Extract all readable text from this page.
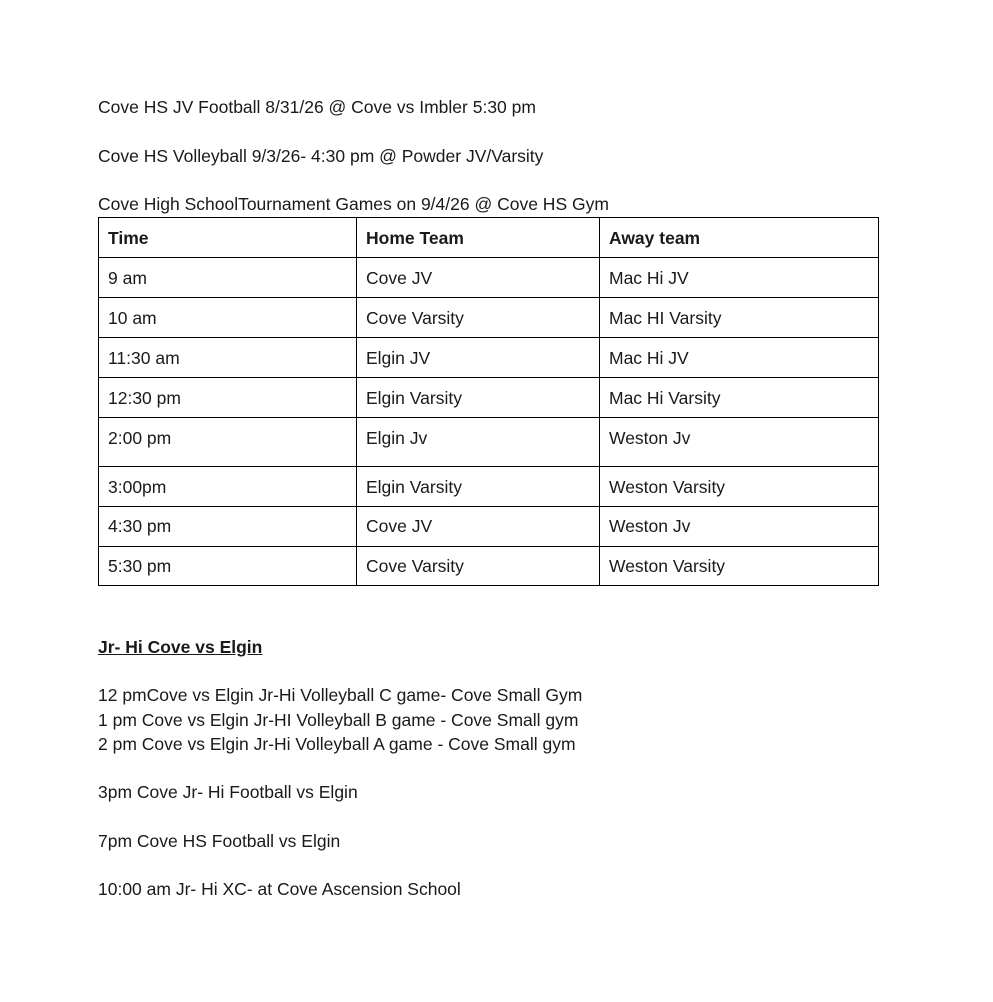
Cove HS JV Football 8/31/26 @ Cove vs Imbler 5:30 pm
Cove HS Volleyball 9/3/26- 4:30 pm @ Powder JV/Varsity
Cove High SchoolTournament Games on 9/4/26 @ Cove HS Gym
Time	Home Team	Away team
9 am	Cove JV	Mac Hi JV
10 am	Cove Varsity	Mac HI Varsity
11:30 am	Elgin JV	Mac Hi JV
12:30 pm	Elgin Varsity	Mac Hi Varsity
2:00 pm	Elgin Jv	Weston Jv
3:00pm	Elgin Varsity	Weston Varsity
4:30 pm	Cove JV	Weston Jv
5:30 pm	Cove Varsity	Weston Varsity
Jr- Hi Cove vs Elgin
12 pmCove vs Elgin Jr-Hi Volleyball C game- Cove Small Gym
1 pm Cove vs Elgin Jr-HI Volleyball B game - Cove Small gym
2 pm Cove vs Elgin Jr-Hi Volleyball A game - Cove Small gym
3pm Cove Jr- Hi Football vs Elgin
7pm Cove HS Football vs Elgin
10:00 am Jr- Hi XC- at Cove Ascension School
